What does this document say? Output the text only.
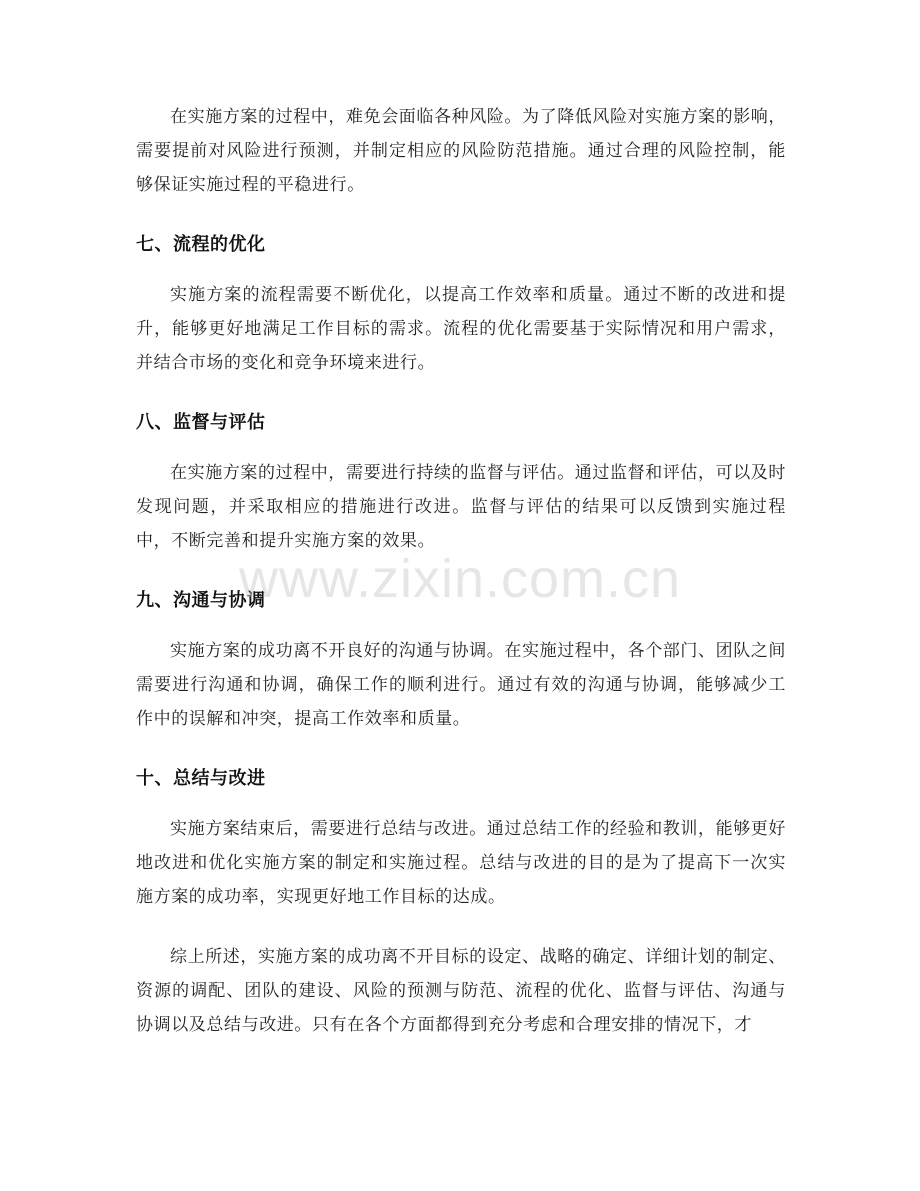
在实施方案的过程中，难免会面临各种风险。为了降低风险对实施方案的影响，需要提前对风险进行预测，并制定相应的风险防范措施。通过合理的风险控制，能够保证实施过程的平稳进行。

七、流程的优化

实施方案的流程需要不断优化，以提高工作效率和质量。通过不断的改进和提升，能够更好地满足工作目标的需求。流程的优化需要基于实际情况和用户需求，并结合市场的变化和竞争环境来进行。

八、监督与评估

在实施方案的过程中，需要进行持续的监督与评估。通过监督和评估，可以及时发现问题，并采取相应的措施进行改进。监督与评估的结果可以反馈到实施过程中，不断完善和提升实施方案的效果。

九、沟通与协调

实施方案的成功离不开良好的沟通与协调。在实施过程中，各个部门、团队之间需要进行沟通和协调，确保工作的顺利进行。通过有效的沟通与协调，能够减少工作中的误解和冲突，提高工作效率和质量。

十、总结与改进

实施方案结束后，需要进行总结与改进。通过总结工作的经验和教训，能够更好地改进和优化实施方案的制定和实施过程。总结与改进的目的是为了提高下一次实施方案的成功率，实现更好地工作目标的达成。

综上所述，实施方案的成功离不开目标的设定、战略的确定、详细计划的制定、资源的调配、团队的建设、风险的预测与防范、流程的优化、监督与评估、沟通与协调以及总结与改进。只有在各个方面都得到充分考虑和合理安排的情况下，才

www.zixin.com.cn
